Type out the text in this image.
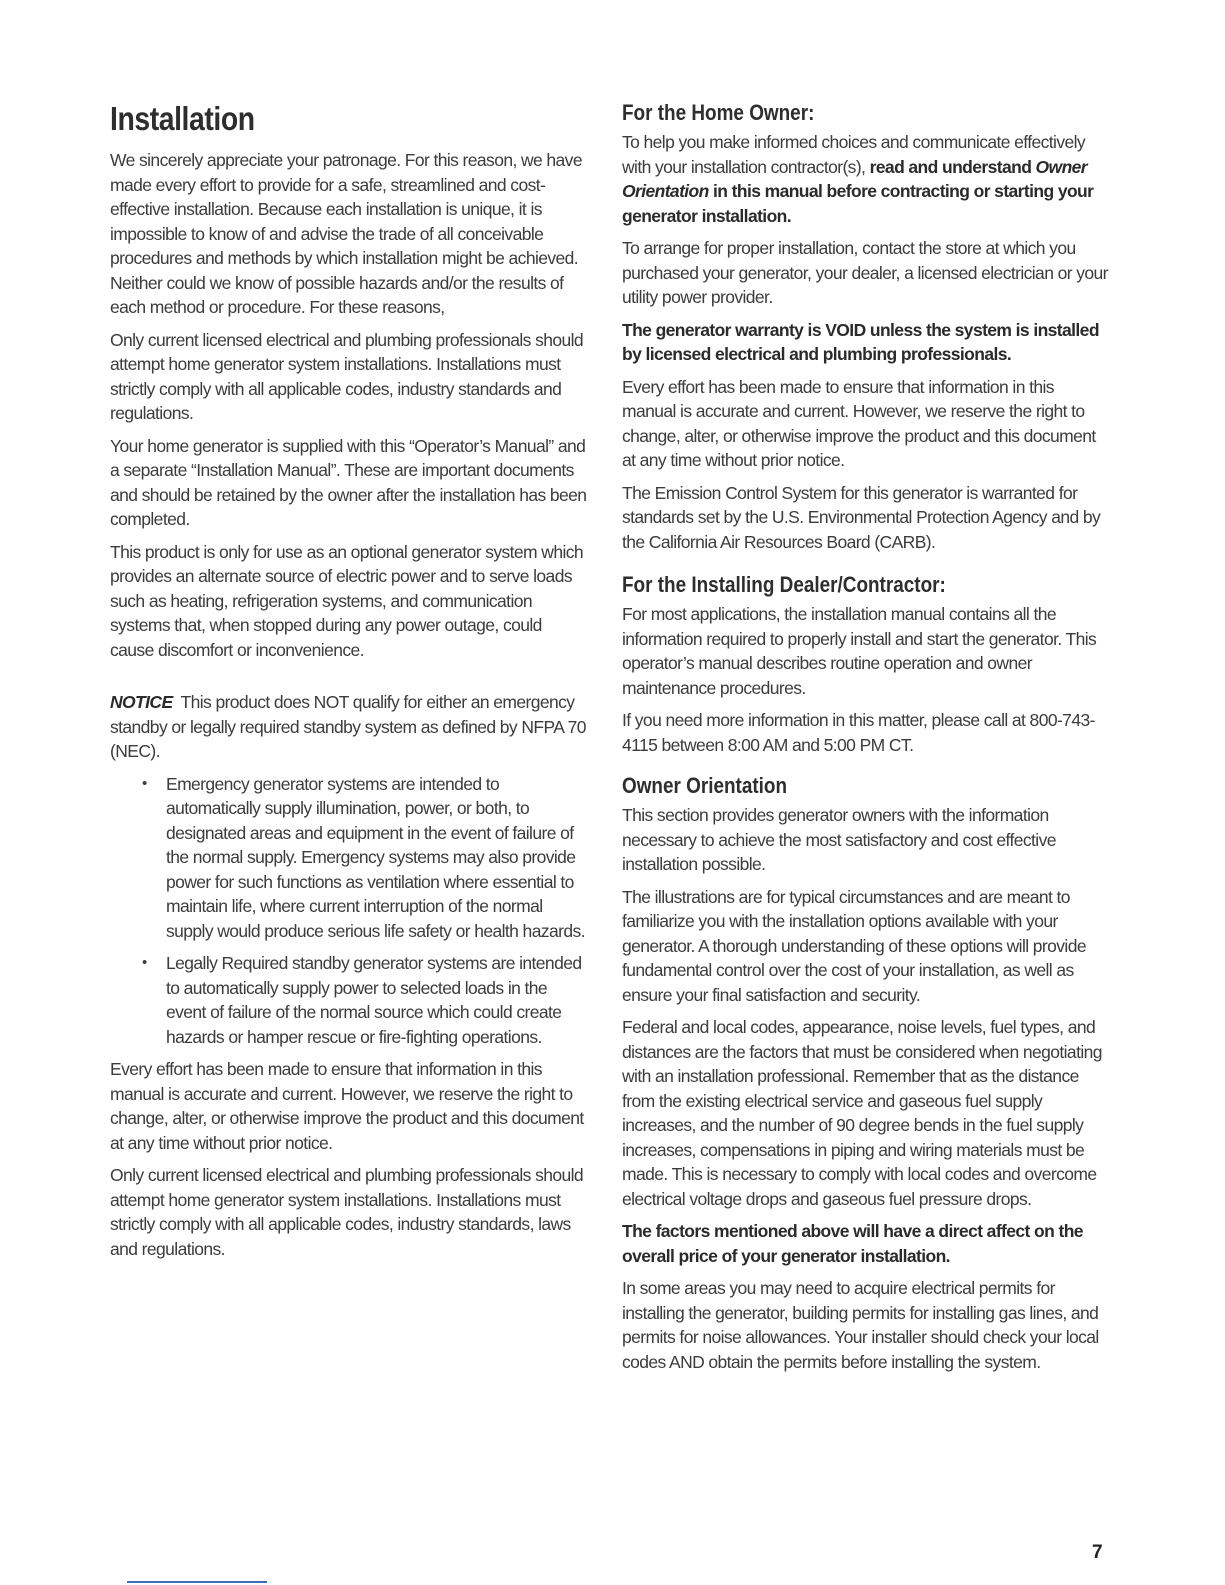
Installation

We sincerely appreciate your patronage. For this reason, we have made every effort to provide for a safe, streamlined and cost-effective installation. Because each installation is unique, it is impossible to know of and advise the trade of all conceivable procedures and methods by which installation might be achieved. Neither could we know of possible hazards and/or the results of each method or procedure. For these reasons,

Only current licensed electrical and plumbing professionals should attempt home generator system installations. Installations must strictly comply with all applicable codes, industry standards and regulations.

Your home generator is supplied with this “Operator’s Manual” and a separate “Installation Manual”. These are important documents and should be retained by the owner after the installation has been completed.

This product is only for use as an optional generator system which provides an alternate source of electric power and to serve loads such as heating, refrigeration systems, and communication systems that, when stopped during any power outage, could cause discomfort or inconvenience.

NOTICE This product does NOT qualify for either an emergency standby or legally required standby system as defined by NFPA 70 (NEC).

• Emergency generator systems are intended to automatically supply illumination, power, or both, to designated areas and equipment in the event of failure of the normal supply. Emergency systems may also provide power for such functions as ventilation where essential to maintain life, where current interruption of the normal supply would produce serious life safety or health hazards.
• Legally Required standby generator systems are intended to automatically supply power to selected loads in the event of failure of the normal source which could create hazards or hamper rescue or fire-fighting operations.

Every effort has been made to ensure that information in this manual is accurate and current. However, we reserve the right to change, alter, or otherwise improve the product and this document at any time without prior notice.

Only current licensed electrical and plumbing professionals should attempt home generator system installations. Installations must strictly comply with all applicable codes, industry standards, laws and regulations.

For the Home Owner:

To help you make informed choices and communicate effectively with your installation contractor(s), read and understand Owner Orientation in this manual before contracting or starting your generator installation.

To arrange for proper installation, contact the store at which you purchased your generator, your dealer, a licensed electrician or your utility power provider.

The generator warranty is VOID unless the system is installed by licensed electrical and plumbing professionals.

Every effort has been made to ensure that information in this manual is accurate and current. However, we reserve the right to change, alter, or otherwise improve the product and this document at any time without prior notice.

The Emission Control System for this generator is warranted for standards set by the U.S. Environmental Protection Agency and by the California Air Resources Board (CARB).

For the Installing Dealer/Contractor:

For most applications, the installation manual contains all the information required to properly install and start the generator. This operator’s manual describes routine operation and owner maintenance procedures.

If you need more information in this matter, please call at 800-743-4115 between 8:00 AM and 5:00 PM CT.

Owner Orientation

This section provides generator owners with the information necessary to achieve the most satisfactory and cost effective installation possible.

The illustrations are for typical circumstances and are meant to familiarize you with the installation options available with your generator. A thorough understanding of these options will provide fundamental control over the cost of your installation, as well as ensure your final satisfaction and security.

Federal and local codes, appearance, noise levels, fuel types, and distances are the factors that must be considered when negotiating with an installation professional. Remember that as the distance from the existing electrical service and gaseous fuel supply increases, and the number of 90 degree bends in the fuel supply increases, compensations in piping and wiring materials must be made. This is necessary to comply with local codes and overcome electrical voltage drops and gaseous fuel pressure drops.

The factors mentioned above will have a direct affect on the overall price of your generator installation.

In some areas you may need to acquire electrical permits for installing the generator, building permits for installing gas lines, and permits for noise allowances. Your installer should check your local codes AND obtain the permits before installing the system.

7
